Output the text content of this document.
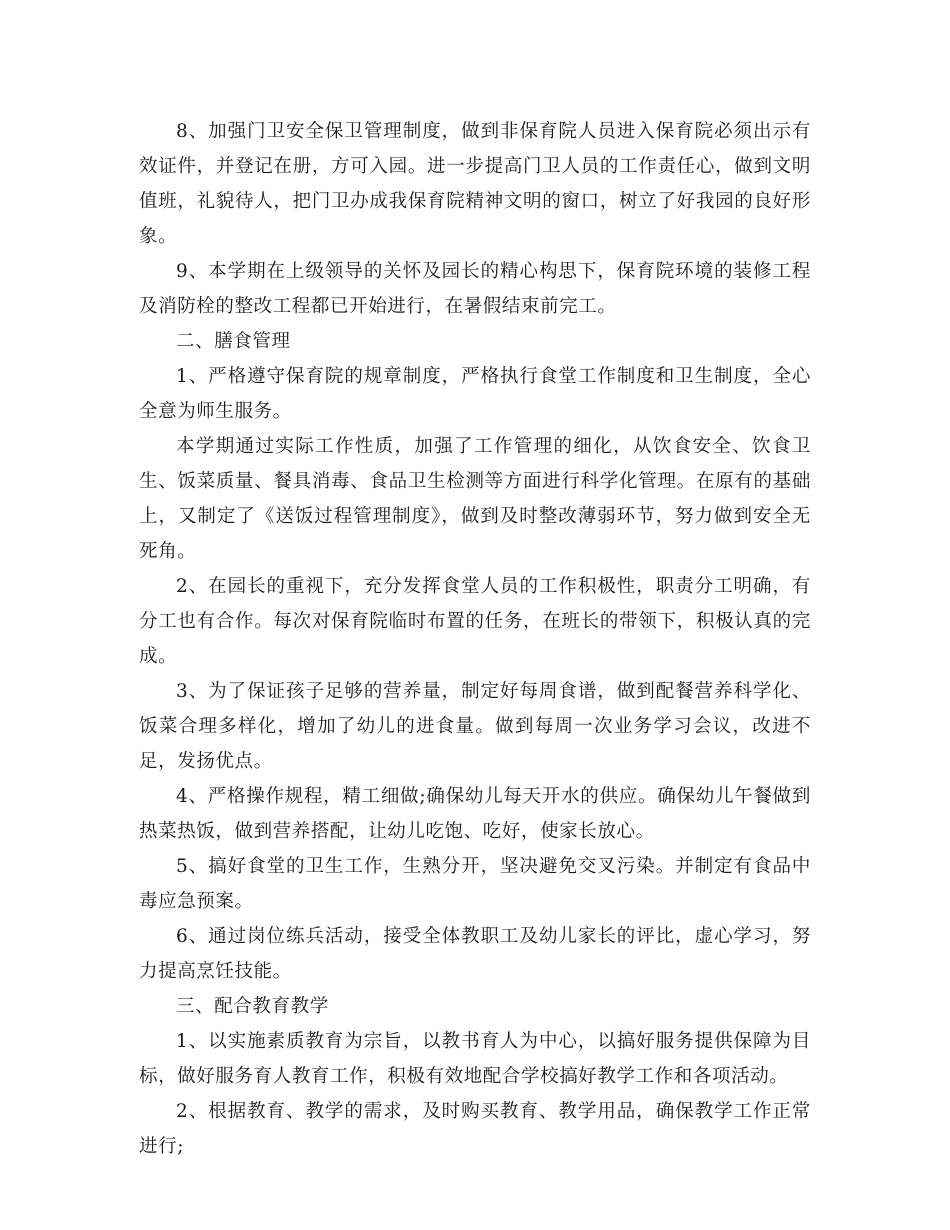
8、加强门卫安全保卫管理制度，做到非保育院人员进入保育院必须出示有效证件，并登记在册，方可入园。进一步提高门卫人员的工作责任心，做到文明值班，礼貌待人，把门卫办成我保育院精神文明的窗口，树立了好我园的良好形象。

9、本学期在上级领导的关怀及园长的精心构思下，保育院环境的装修工程及消防栓的整改工程都已开始进行，在暑假结束前完工。

二、膳食管理

1、严格遵守保育院的规章制度，严格执行食堂工作制度和卫生制度，全心全意为师生服务。

本学期通过实际工作性质，加强了工作管理的细化，从饮食安全、饮食卫生、饭菜质量、餐具消毒、食品卫生检测等方面进行科学化管理。在原有的基础上，又制定了《送饭过程管理制度》，做到及时整改薄弱环节，努力做到安全无死角。

2、在园长的重视下，充分发挥食堂人员的工作积极性，职责分工明确，有分工也有合作。每次对保育院临时布置的任务，在班长的带领下，积极认真的完成。

3、为了保证孩子足够的营养量，制定好每周食谱，做到配餐营养科学化、饭菜合理多样化，增加了幼儿的进食量。做到每周一次业务学习会议，改进不足，发扬优点。

4、严格操作规程，精工细做;确保幼儿每天开水的供应。确保幼儿午餐做到热菜热饭，做到营养搭配，让幼儿吃饱、吃好，使家长放心。

5、搞好食堂的卫生工作，生熟分开，坚决避免交叉污染。并制定有食品中毒应急预案。

6、通过岗位练兵活动，接受全体教职工及幼儿家长的评比，虚心学习，努力提高烹饪技能。

三、配合教育教学

1、以实施素质教育为宗旨，以教书育人为中心，以搞好服务提供保障为目标，做好服务育人教育工作，积极有效地配合学校搞好教学工作和各项活动。

2、根据教育、教学的需求，及时购买教育、教学用品，确保教学工作正常进行;
